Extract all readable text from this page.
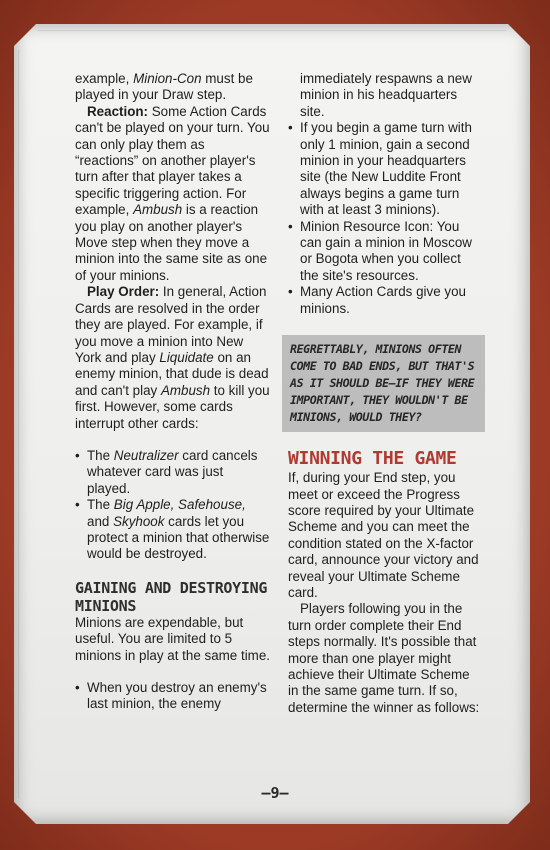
example, Minion-Con must be played in your Draw step.

Reaction: Some Action Cards can't be played on your turn. You can only play them as “reactions” on another player's turn after that player takes a specific triggering action. For example, Ambush is a reaction you play on another player's Move step when they move a minion into the same site as one of your minions.

Play Order: In general, Action Cards are resolved in the order they are played. For example, if you move a minion into New York and play Liquidate on an enemy minion, that dude is dead and can't play Ambush to kill you first. However, some cards interrupt other cards:

• The Neutralizer card cancels whatever card was just played.
• The Big Apple, Safehouse, and Skyhook cards let you protect a minion that otherwise would be destroyed.
GAINING AND DESTROYING MINIONS

Minions are expendable, but useful. You are limited to 5 minions in play at the same time.

• When you destroy an enemy's last minion, the enemy

immediately respawns a new minion in his headquarters site.

• If you begin a game turn with only 1 minion, gain a second minion in your headquarters site (the New Luddite Front always begins a game turn with at least 3 minions).
• Minion Resource Icon: You can gain a minion in Moscow or Bogota when you collect the site's resources.
• Many Action Cards give you minions.
REGRETTABLY, MINIONS OFTEN COME TO BAD ENDS, BUT THAT'S AS IT SHOULD BE—IF THEY WERE IMPORTANT, THEY WOULDN'T BE MINIONS, WOULD THEY?
WINNING THE GAME

If, during your End step, you meet or exceed the Progress score required by your Ultimate Scheme and you can meet the condition stated on the X-factor card, announce your victory and reveal your Ultimate Scheme card.

Players following you in the turn order complete their End steps normally. It's possible that more than one player might achieve their Ultimate Scheme in the same game turn. If so, determine the winner as follows:

—9—
